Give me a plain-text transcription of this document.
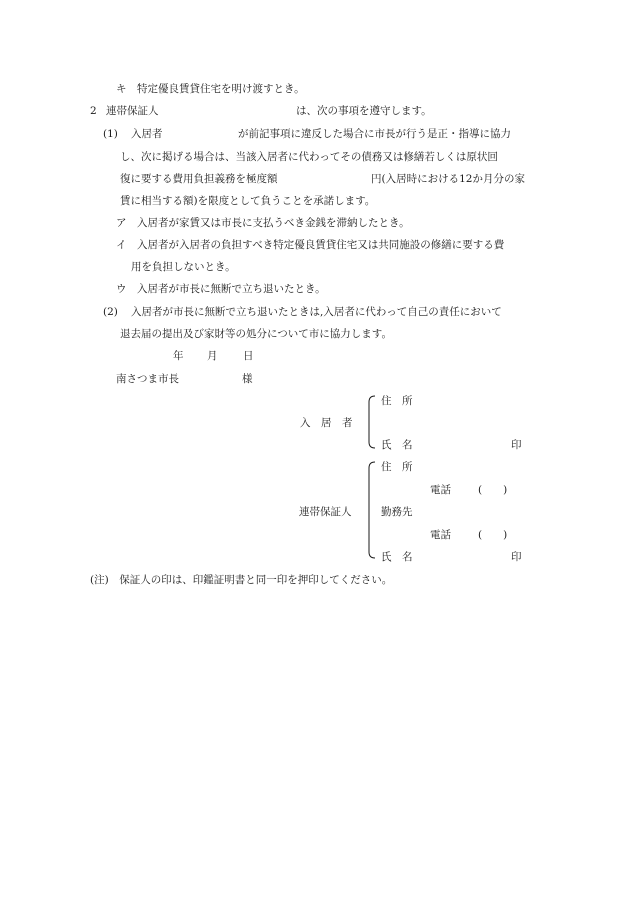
キ　特定優良賃貸住宅を明け渡すとき。
2 連帯保証人	は、次の事項を遵守します。
(1) 入居者	が前記事項に違反した場合に市長が行う是正・指導に協力
し、次に掲げる場合は、当該入居者に代わってその債務又は修繕若しくは原状回
復に要する費用負担義務を極度額	円(入居時における12か月分の家
賃に相当する額)を限度として負うことを承諾します。
ア　入居者が家賃又は市長に支払うべき金銭を滞納したとき。
イ　入居者が入居者の負担すべき特定優良賃貸住宅又は共同施設の修繕に要する費
用を負担しないとき。
ウ　入居者が市長に無断で立ち退いたとき。
(2) 入居者が市長に無断で立ち退いたときは,入居者に代わって自己の責任において
退去届の提出及び家財等の処分について市に協力します。
年 月 日
南さつま市長	様
入　居　者
住　所
氏　名	印
連帯保証人
住　所
電話	(　　)
勤務先
電話	(　　)
氏　名	印
(注)　保証人の印は、印鑑証明書と同一印を押印してください。
